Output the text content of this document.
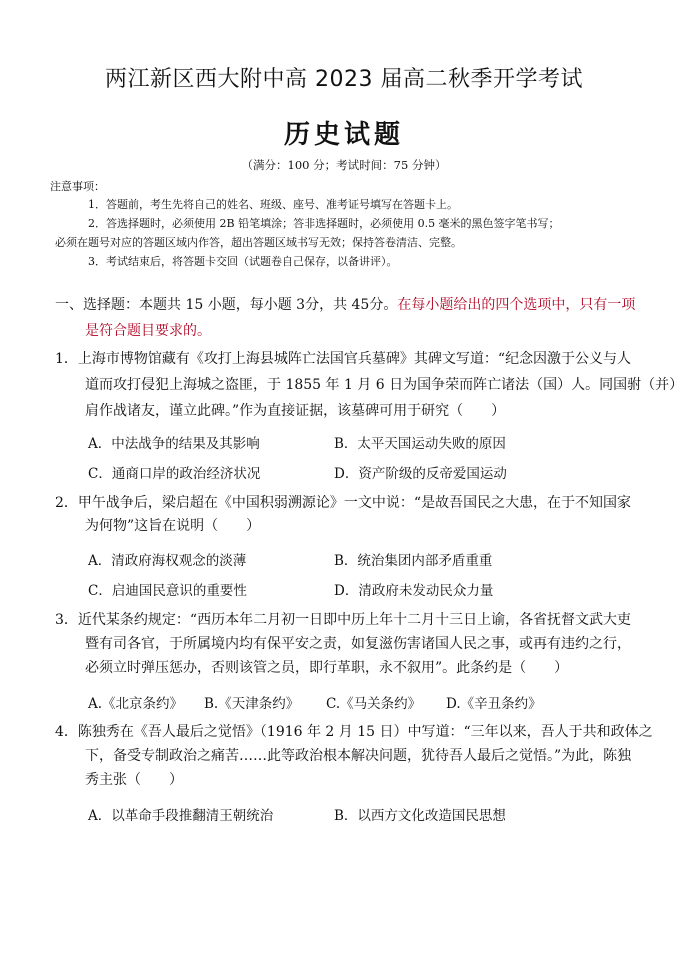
两江新区西大附中高 2023 届高二秋季开学考试
历史试题
（满分：100 分；考试时间：75 分钟）
注意事项：
1．答题前，考生先将自己的姓名、班级、座号、准考证号填写在答题卡上。
2．答选择题时，必须使用 2B 铅笔填涂；答非选择题时，必须使用 0.5 毫米的黑色签字笔书写；
必须在题号对应的答题区域内作答，超出答题区域书写无效；保持答卷清洁、完整。
3．考试结束后，将答题卡交回（试题卷自己保存，以备讲评）。
一、选择题：本题共 15 小题，每小题 3分，共 45分。在每小题给出的四个选项中，只有一项
是符合题目要求的。
1．上海市博物馆藏有《攻打上海县城阵亡法国官兵墓碑》其碑文写道：“纪念因激于公义与人
道而攻打侵犯上海城之盗匪，于 1855 年 1 月 6 日为国争荣而阵亡诸法（国）人。同国驸（并）
肩作战诸友，谨立此碑。”作为直接证据，该墓碑可用于研究（　　）
A．中法战争的结果及其影响	B．太平天国运动失败的原因
C．通商口岸的政治经济状况	D．资产阶级的反帝爱国运动
2．甲午战争后，梁启超在《中国积弱溯源论》一文中说：“是故吾国民之大患，在于不知国家
为何物”这旨在说明（　　）
A．清政府海权观念的淡薄	B．统治集团内部矛盾重重
C．启迪国民意识的重要性	D．清政府未发动民众力量
3．近代某条约规定：“西历本年二月初一日即中历上年十二月十三日上谕，各省抚督文武大吏
暨有司各官，于所属境内均有保平安之责，如复滋伤害诸国人民之事，或再有违约之行，
必须立时弹压惩办，否则该管之员，即行革职，永不叙用”。此条约是（　　）
A.《北京条约》 B.《天津条约》 C.《马关条约》 D.《辛丑条约》
4．陈独秀在《吾人最后之觉悟》（1916 年 2 月 15 日）中写道：“三年以来，吾人于共和政体之
下，备受专制政治之痛苦……此等政治根本解决问题，犹待吾人最后之觉悟。”为此，陈独
秀主张（　　）
A．以革命手段推翻清王朝统治	B．以西方文化改造国民思想
